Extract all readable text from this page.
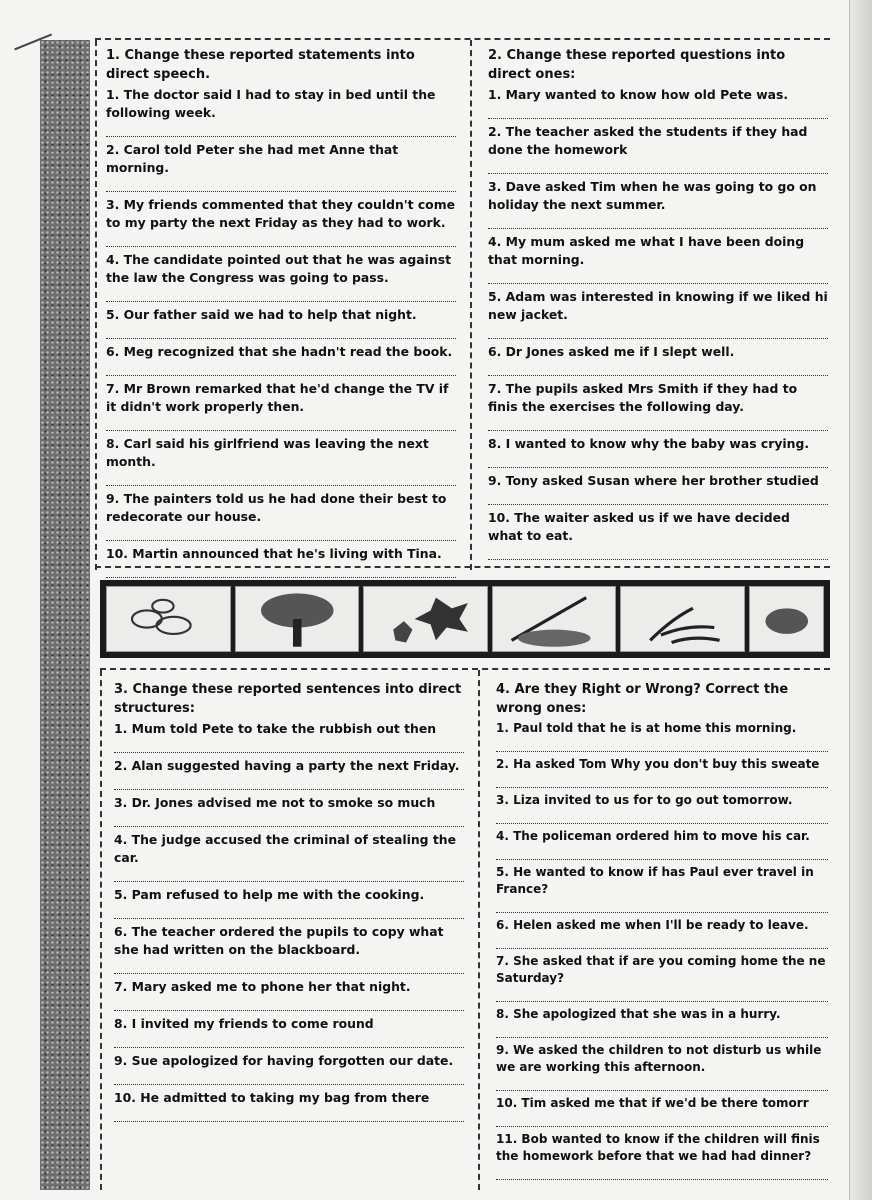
1. Change these reported statements into direct speech.
1. The doctor said I had to stay in bed until the following week.
2. Carol told Peter she had met Anne that morning.
3. My friends commented that they couldn't come to my party the next Friday as they had to work.
4. The candidate pointed out that he was against the law the Congress was going to pass.
5. Our father said we had to help that night.
6. Meg recognized that she hadn't read the book.
7. Mr Brown remarked that he'd change the TV if it didn't work properly then.
8. Carl said his girlfriend was leaving the next month.
9. The painters told us he had done their best to redecorate our house.
10. Martin announced that he's living with Tina.
2. Change these reported questions into direct ones:
1. Mary wanted to know how old Pete was.
2. The teacher asked the students if they had done the homework
3. Dave asked Tim when he was going to go on holiday the next summer.
4. My mum asked me what I have been doing that morning.
5. Adam was interested in knowing if we liked hi new jacket.
6. Dr Jones asked me if I slept well.
7. The pupils asked Mrs Smith if they had to finis the exercises the following day.
8. I wanted to know why the baby was crying.
9. Tony asked Susan where her brother studied
10. The waiter asked us if we have decided what to eat.
3. Change these reported sentences into direct structures:
1. Mum told Pete to take the rubbish out then
2. Alan suggested having a party the next Friday.
3. Dr. Jones advised me not to smoke so much
4. The judge accused the criminal of stealing the car.
5. Pam refused to help me with the cooking.
6. The teacher ordered the pupils to copy what she had written on the blackboard.
7. Mary asked me to phone her that night.
8. I invited my friends to come round
9. Sue apologized for having forgotten our date.
10. He admitted to taking my bag from there
4. Are they Right or Wrong? Correct the wrong ones:
1. Paul told that he is at home this morning.
2. Ha asked Tom Why you don't buy this sweate
3. Liza invited to us for to go out tomorrow.
4. The policeman ordered him to move his car.
5. He wanted to know if has Paul ever travel in France?
6. Helen asked me when I'll be ready to leave.
7. She asked that if are you coming home the ne Saturday?
8. She apologized that she was in a hurry.
9. We asked the children to not disturb us while we are working this afternoon.
10. Tim asked me that if we'd be there tomorr
11. Bob wanted to know if the children will finis the homework before that we had had dinner?
